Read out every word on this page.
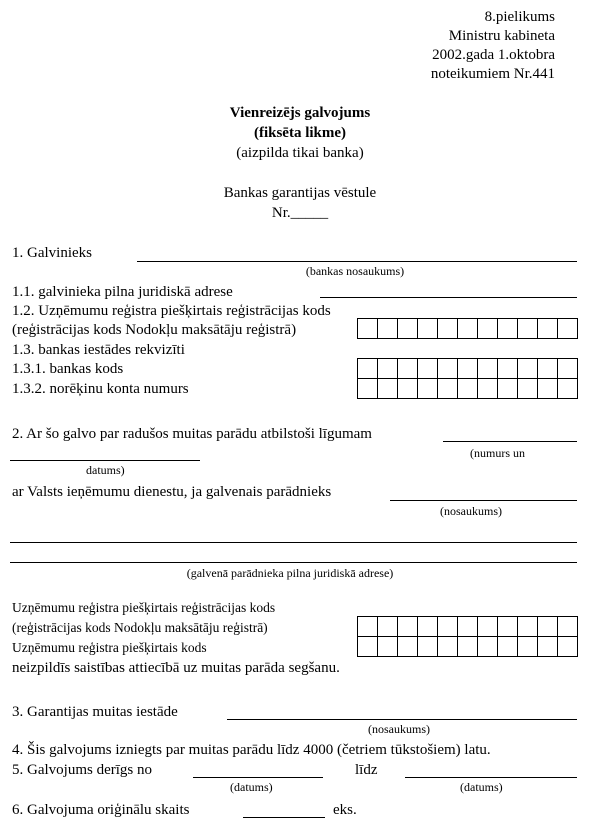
8.pielikums
Ministru kabineta
2002.gada 1.oktobra
noteikumiem Nr.441
Vienreizējs galvojums
(fiksēta likme)
(aizpilda tikai banka)
Bankas garantijas vēstule
Nr._____
1. Galvinieks
(bankas nosaukums)
1.1. galvinieka pilna juridiskā adrese
1.2. Uzņēmumu reģistra piešķirtais reģistrācijas kods
(reģistrācijas kods Nodokļu maksātāju reģistrā)
1.3. bankas iestādes rekvizīti
1.3.1. bankas kods
1.3.2. norēķinu konta numurs
2. Ar šo galvo par radušos muitas parādu atbilstoši līgumam
(numurs un
datums)
ar Valsts ieņēmumu dienestu, ja galvenais parādnieks
(nosaukums)
(galvenā parādnieka pilna juridiskā adrese)
Uzņēmumu reģistra piešķirtais reģistrācijas kods
(reģistrācijas kods Nodokļu maksātāju reģistrā)
Uzņēmumu reģistra piešķirtais kods
neizpildīs saistības attiecībā uz muitas parāda segšanu.
3. Garantijas muitas iestāde
(nosaukums)
4. Šis galvojums izniegts par muitas parādu līdz 4000 (četriem tūkstošiem) latu.
5. Galvojums derīgs no	līdz
(datums)	(datums)
6. Galvojuma oriģinālu skaits	eks.
